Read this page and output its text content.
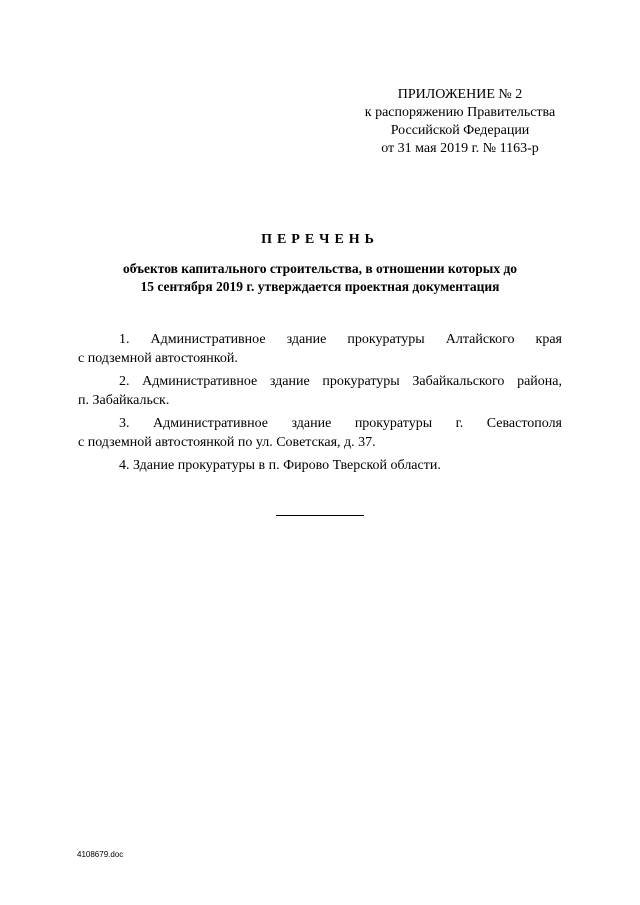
ПРИЛОЖЕНИЕ № 2
к распоряжению Правительства
Российской Федерации
от 31 мая 2019 г. № 1163-р
ПЕРЕЧЕНЬ
объектов капитального строительства, в отношении которых до
15 сентября 2019 г. утверждается проектная документация
1. Административное здание прокуратуры Алтайского края
с подземной автостоянкой.
2. Административное здание прокуратуры Забайкальского района,
п. Забайкальск.
3. Административное здание прокуратуры г. Севастополя
с подземной автостоянкой по ул. Советская, д. 37.
4. Здание прокуратуры в п. Фирово Тверской области.
4108679.doc
